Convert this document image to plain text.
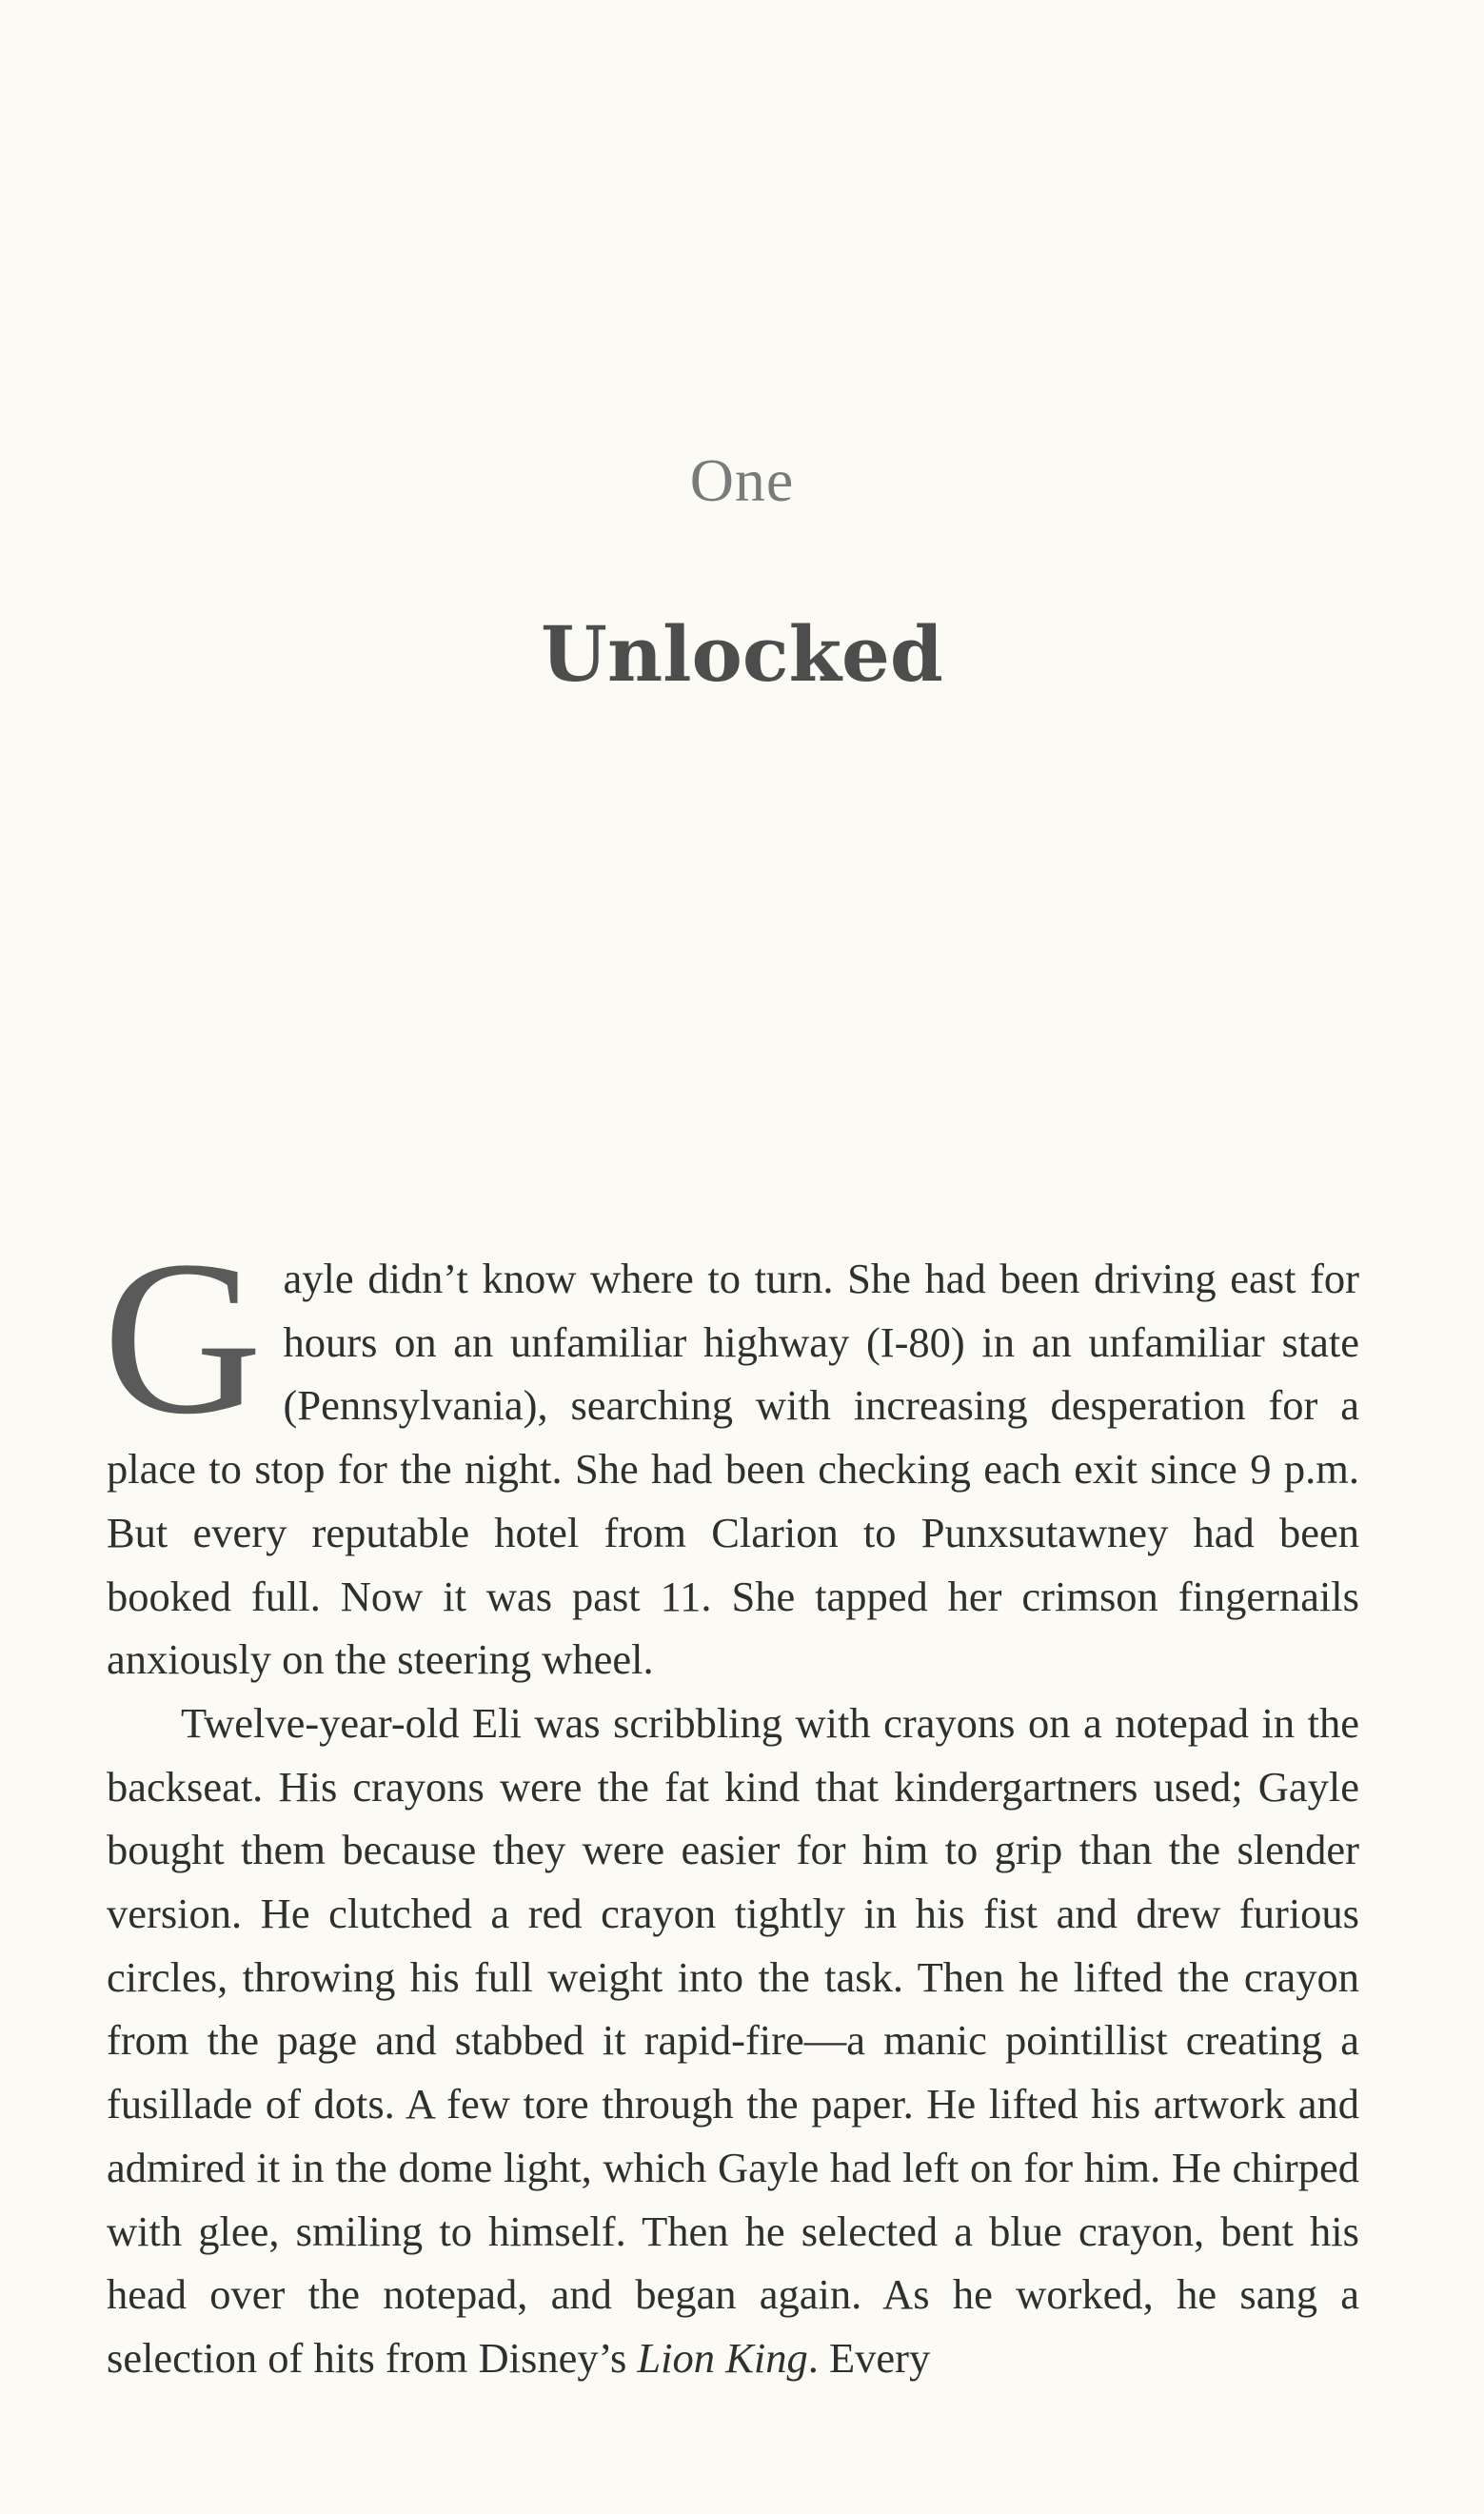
One
Unlocked

Gayle didn’t know where to turn. She had been driving east for hours on an unfamiliar highway (I-80) in an unfamiliar state (Pennsylvania), searching with increasing desperation for a place to stop for the night. She had been checking each exit since 9 p.m. But every reputable hotel from Clarion to Punxsutawney had been booked full. Now it was past 11. She tapped her crimson fingernails anxiously on the steering wheel.

Twelve-year-old Eli was scribbling with crayons on a notepad in the backseat. His crayons were the fat kind that kindergartners used; Gayle bought them because they were easier for him to grip than the slender version. He clutched a red crayon tightly in his fist and drew furious circles, throwing his full weight into the task. Then he lifted the crayon from the page and stabbed it rapid-fire—a manic pointillist creating a fusillade of dots. A few tore through the paper. He lifted his artwork and admired it in the dome light, which Gayle had left on for him. He chirped with glee, smiling to himself. Then he selected a blue crayon, bent his head over the notepad, and began again. As he worked, he sang a selection of hits from Disney’s Lion King. Every
